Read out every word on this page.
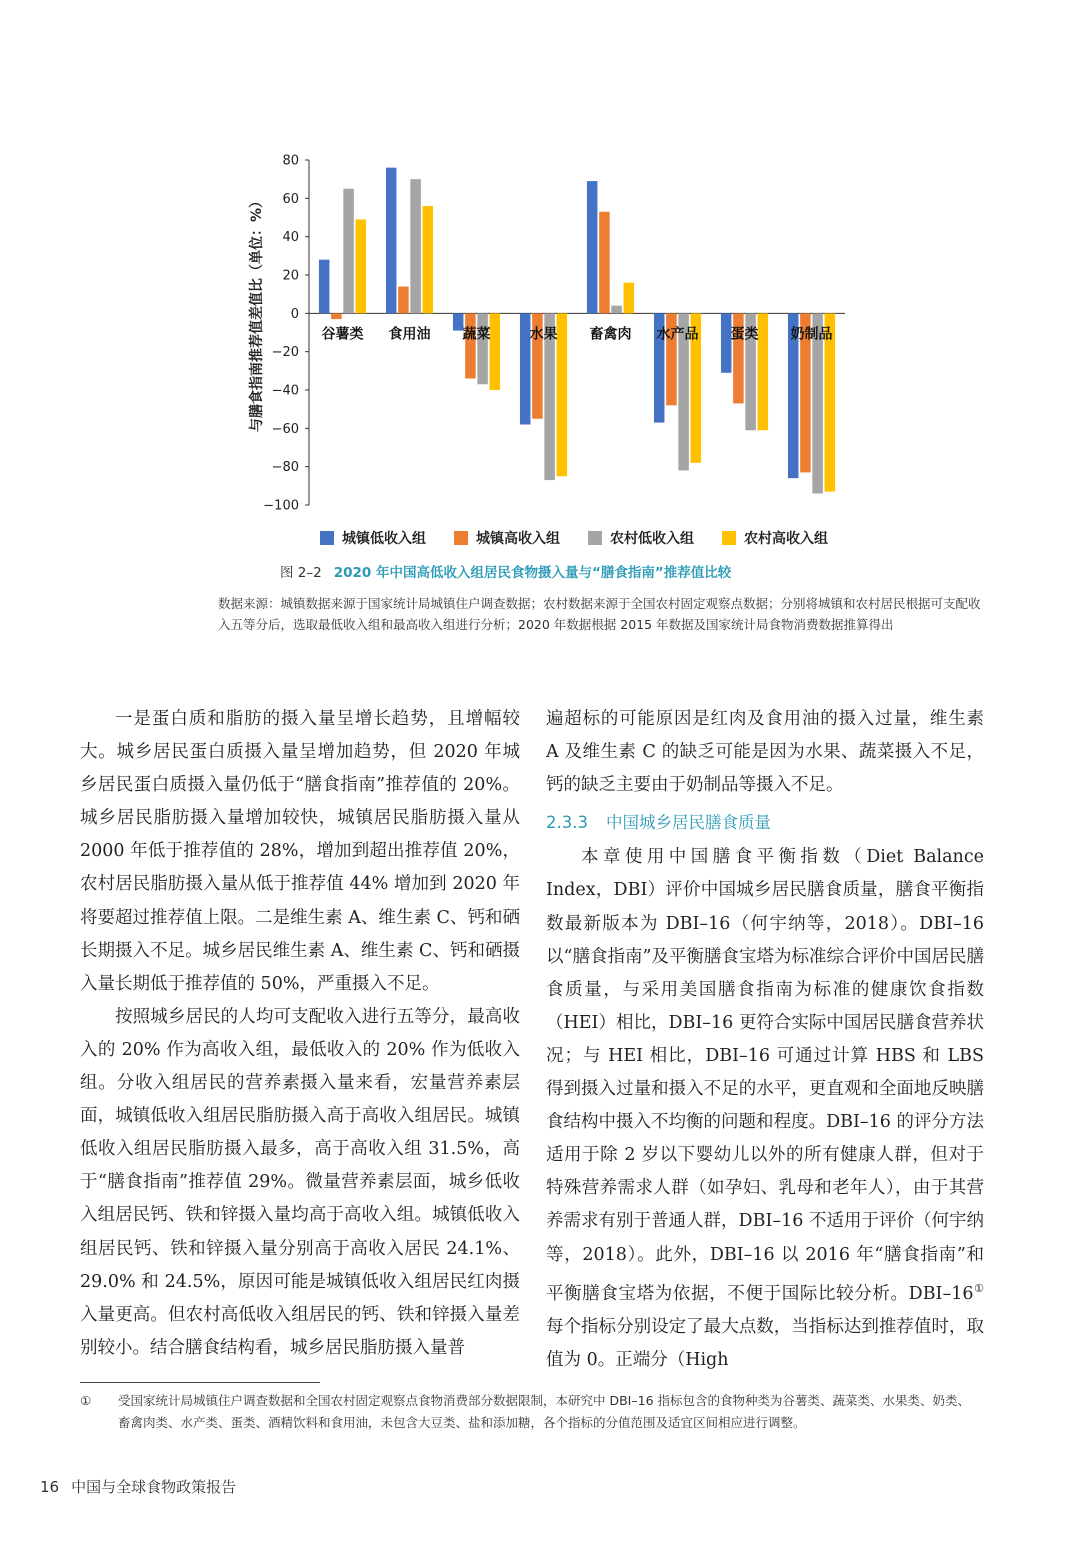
与膳食指南推荐值差值比（单位：%）
80
60
40
20
0
−20
−40
−60
−80
−100
谷薯类 食用油 蔬菜	水果 畜禽肉 水产品 蛋类 奶制品
城镇低收入组	城镇高收入组	农村低收入组	农村高收入组
图 2–2 2020 年中国高低收入组居民食物摄入量与“膳食指南”推荐值比较
数据来源：城镇数据来源于国家统计局城镇住户调查数据；农村数据来源于全国农村固定观察点数据；分别将城镇和农村居民根据可支配收入五等分后，选取最低收入组和最高收入组进行分析；2020 年数据根据 2015 年数据及国家统计局食物消费数据推算得出

一是蛋白质和脂肪的摄入量呈增长趋势，且增幅较大。城乡居民蛋白质摄入量呈增加趋势，但 2020 年城乡居民蛋白质摄入量仍低于“膳食指南”推荐值的 20%。城乡居民脂肪摄入量增加较快，城镇居民脂肪摄入量从 2000 年低于推荐值的 28%，增加到超出推荐值 20%，农村居民脂肪摄入量从低于推荐值 44% 增加到 2020 年将要超过推荐值上限。二是维生素 A、维生素 C、钙和硒长期摄入不足。城乡居民维生素 A、维生素 C、钙和硒摄入量长期低于推荐值的 50%，严重摄入不足。

按照城乡居民的人均可支配收入进行五等分，最高收入的 20% 作为高收入组，最低收入的 20% 作为低收入组。分收入组居民的营养素摄入量来看，宏量营养素层面，城镇低收入组居民脂肪摄入高于高收入组居民。城镇低收入组居民脂肪摄入最多，高于高收入组 31.5%，高于“膳食指南”推荐值 29%。微量营养素层面，城乡低收入组居民钙、铁和锌摄入量均高于高收入组。城镇低收入组居民钙、铁和锌摄入量分别高于高收入居民 24.1%、29.0% 和 24.5%，原因可能是城镇低收入组居民红肉摄入量更高。但农村高低收入组居民的钙、铁和锌摄入量差别较小。结合膳食结构看，城乡居民脂肪摄入量普

遍超标的可能原因是红肉及食用油的摄入过量，维生素 A 及维生素 C 的缺乏可能是因为水果、蔬菜摄入不足，钙的缺乏主要由于奶制品等摄入不足。

2.3.3 中国城乡居民膳食质量

本章使用中国膳食平衡指数（Diet Balance Index，DBI）评价中国城乡居民膳食质量，膳食平衡指数最新版本为 DBI–16（何宇纳等，2018）。DBI–16 以“膳食指南”及平衡膳食宝塔为标准综合评价中国居民膳食质量，与采用美国膳食指南为标准的健康饮食指数（HEI）相比，DBI–16 更符合实际中国居民膳食营养状况；与 HEI 相比，DBI–16 可通过计算 HBS 和 LBS 得到摄入过量和摄入不足的水平，更直观和全面地反映膳食结构中摄入不均衡的问题和程度。DBI–16 的评分方法适用于除 2 岁以下婴幼儿以外的所有健康人群，但对于特殊营养需求人群（如孕妇、乳母和老年人），由于其营养需求有别于普通人群，DBI–16 不适用于评价（何宇纳等，2018）。此外，DBI–16 以 2016 年“膳食指南”和平衡膳食宝塔为依据，不便于国际比较分析。DBI–16①每个指标分别设定了最大点数，当指标达到推荐值时，取值为 0。正端分（High

①	受国家统计局城镇住户调查数据和全国农村固定观察点食物消费部分数据限制，本研究中 DBI–16 指标包含的食物种类为谷薯类、蔬菜类、水果类、奶类、畜禽肉类、水产类、蛋类、酒精饮料和食用油，未包含大豆类、盐和添加糖，各个指标的分值范围及适宜区间相应进行调整。
16 中国与全球食物政策报告
